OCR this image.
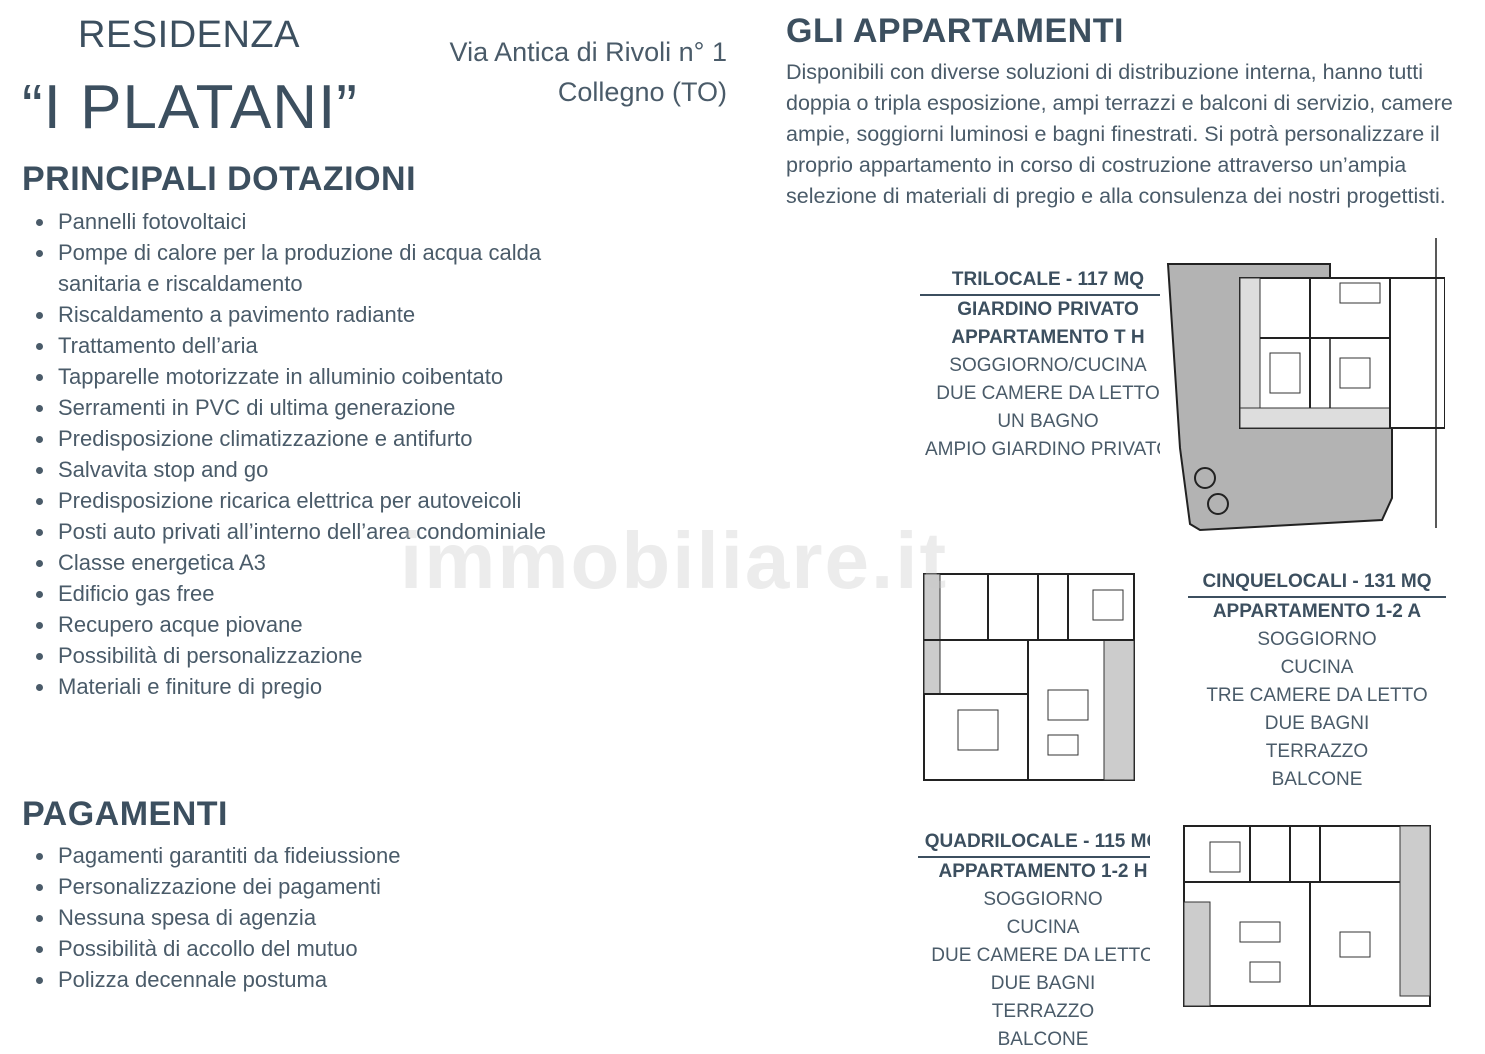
RESIDENZA
“I PLATANI”
Via Antica di Rivoli n° 1
Collegno (TO)
PRINCIPALI DOTAZIONI
Pannelli fotovoltaici
Pompe di calore per la produzione di acqua calda sanitaria e riscaldamento
Riscaldamento a pavimento radiante
Trattamento dell’aria
Tapparelle motorizzate in alluminio coibentato
Serramenti in PVC di ultima generazione
Predisposizione climatizzazione e antifurto
Salvavita stop and go
Predisposizione ricarica elettrica per autoveicoli
Posti auto privati all’interno dell’area condominiale
Classe energetica A3
Edificio gas free
Recupero acque piovane
Possibilità di personalizzazione
Materiali e finiture di pregio
PAGAMENTI
Pagamenti garantiti da fideiussione
Personalizzazione dei pagamenti
Nessuna spesa di agenzia
Possibilità di accollo del mutuo
Polizza decennale postuma
GLI APPARTAMENTI
Disponibili con diverse soluzioni di distribuzione interna, hanno tutti doppia o tripla esposizione, ampi terrazzi e balconi di servizio, camere ampie, soggiorni luminosi e bagni finestrati. Si potrà personalizzare il proprio appartamento in corso di costruzione attraverso un’ampia selezione di materiali di pregio e alla consulenza dei nostri progettisti.
TRILOCALE - 117 MQ
GIARDINO PRIVATO
APPARTAMENTO T H
SOGGIORNO/CUCINA
DUE CAMERE DA LETTO
UN BAGNO
AMPIO GIARDINO PRIVATO
CINQUELOCALI - 131 MQ
APPARTAMENTO 1-2 A
SOGGIORNO
CUCINA
TRE CAMERE DA LETTO
DUE BAGNI
TERRAZZO
BALCONE
QUADRILOCALE - 115 MQ
APPARTAMENTO 1-2 H
SOGGIORNO
CUCINA
DUE CAMERE DA LETTO
DUE BAGNI
TERRAZZO
BALCONE
immobiliare.it
